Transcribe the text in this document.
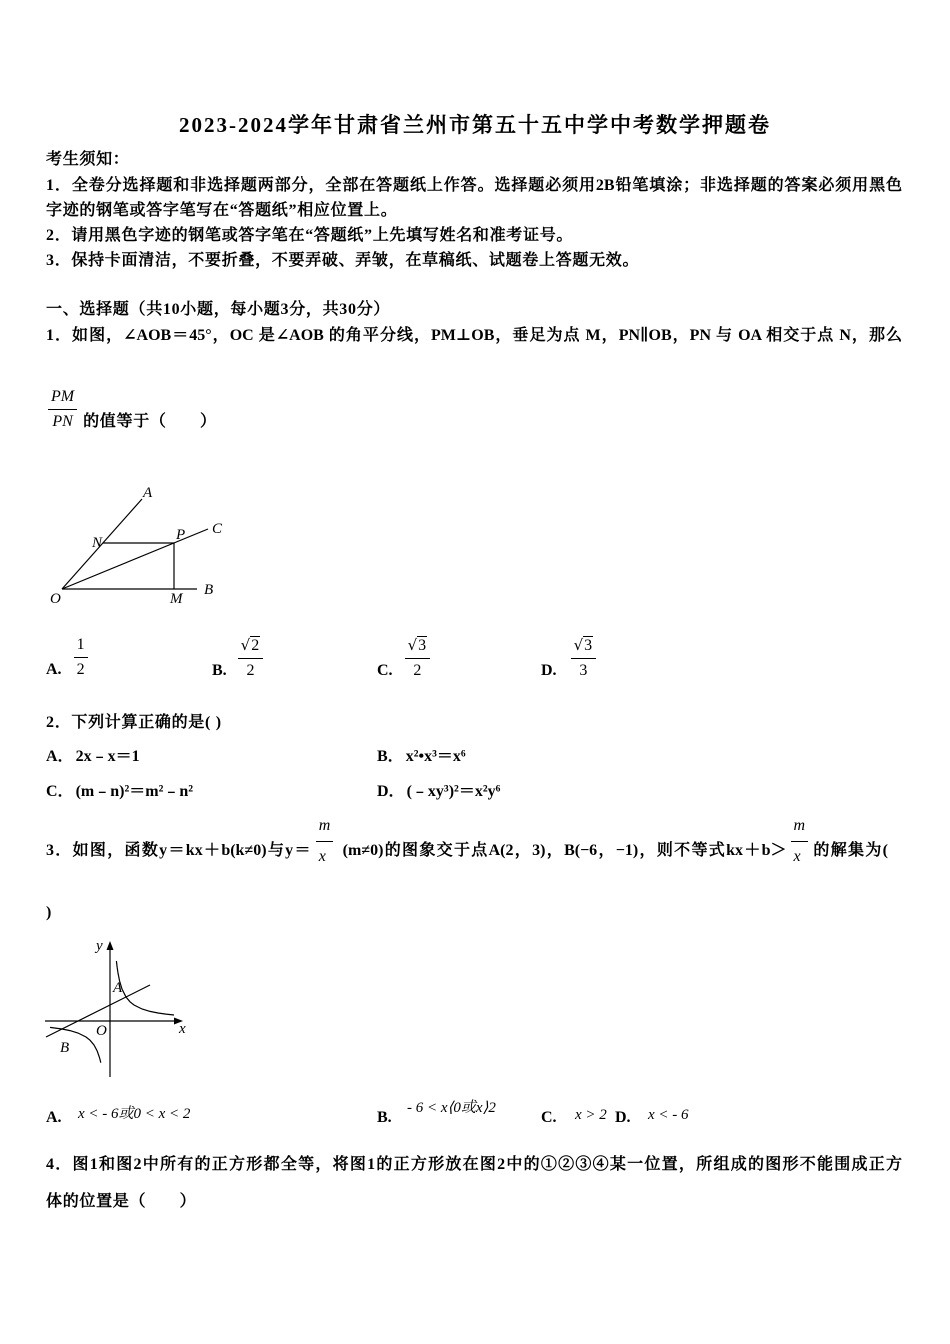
2023-2024学年甘肃省兰州市第五十五中学中考数学押题卷
考生须知：
1．全卷分选择题和非选择题两部分，全部在答题纸上作答。选择题必须用2B铅笔填涂；非选择题的答案必须用黑色
字迹的钢笔或答字笔写在“答题纸”相应位置上。
2．请用黑色字迹的钢笔或答字笔在“答题纸”上先填写姓名和准考证号。
3．保持卡面清洁，不要折叠，不要弄破、弄皱，在草稿纸、试题卷上答题无效。
一、选择题（共10小题，每小题3分，共30分）
1．如图，∠AOB＝45°，OC 是∠AOB 的角平分线，PM⊥OB，垂足为点 M，PN∥OB，PN 与 OA 相交于点 N，那么
$\frac{PM}{PN}$ 的值等于（　　）
A
N	P C
O	M
B
A. $\frac{1}{2}$	B. $\frac{√2}{2}$	C. $\frac{√3}{2}$	D. $\frac{√3}{3}$
2．下列计算正确的是( )
A． 2x﹣x＝1	B． x²•x³＝x⁶
C． (m﹣n)²＝m²﹣n²	D． (﹣xy³)²＝x²y⁶
3．如图，函数y＝kx＋b(k≠0)与$y= \frac{m}{x} (m\ne 0)$的图象交于点A(2，3)，B(−6，−1)，则不等式$kx+b> \frac{m}{x}$ 的解集为(
)
y
x
O
A
B
A. x < - 6或0 < x < 2	B.
- 6 < x⟨0或x⟩2
C. x > 2 D. x < - 6
4．图1和图2中所有的正方形都全等，将图1的正方形放在图2中的①②③④某一位置，所组成的图形不能围成正方
体的位置是（　　）
